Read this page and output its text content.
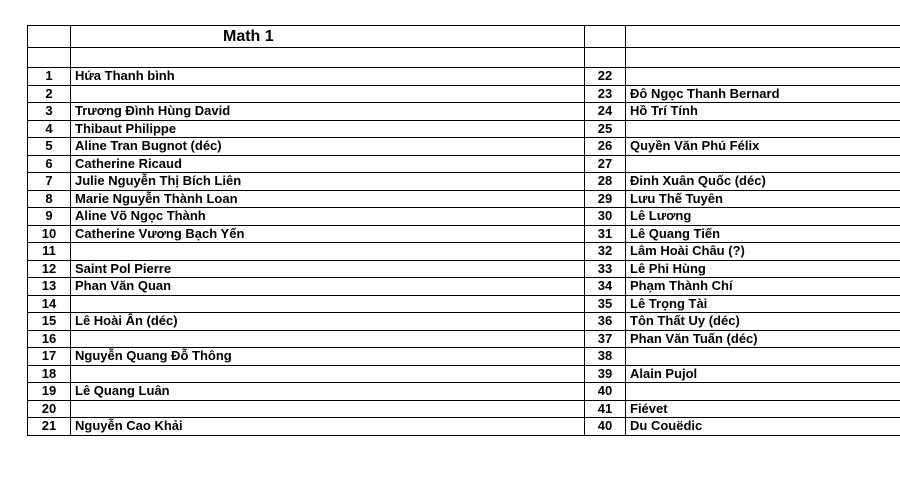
	Math 1		

1	Hứa Thanh bình	22	
2		23	Đô Ngọc Thanh Bernard
3	Trương Đình Hùng David	24	Hồ Trí Tính
4	Thibaut Philippe	25	
5	Aline Tran Bugnot (déc)	26	Quyền Văn Phú Félix
6	Catherine Ricaud	27	
7	Julie Nguyễn Thị Bích Liên	28	Đinh Xuân Quốc (déc)
8	Marie Nguyễn Thành Loan	29	Lưu Thế Tuyên
9	Aline Võ Ngọc Thành	30	Lê Lương
10	Catherine Vương Bạch Yến	31	Lê Quang Tiến
11		32	Lâm Hoài Châu (?)
12	Saint Pol Pierre	33	Lê Phi Hùng
13	Phan Văn Quan	34	Phạm Thành Chí
14		35	Lê Trọng Tài
15	Lê Hoài Ân (déc)	36	Tôn Thất Uy (déc)
16		37	Phan Văn Tuấn (déc)
17	Nguyễn Quang Đỗ Thông	38	
18		39	Alain Pujol
19	Lê Quang Luân	40	
20		41	Fiévet
21	Nguyễn Cao Khải	40	Du Couëdic
